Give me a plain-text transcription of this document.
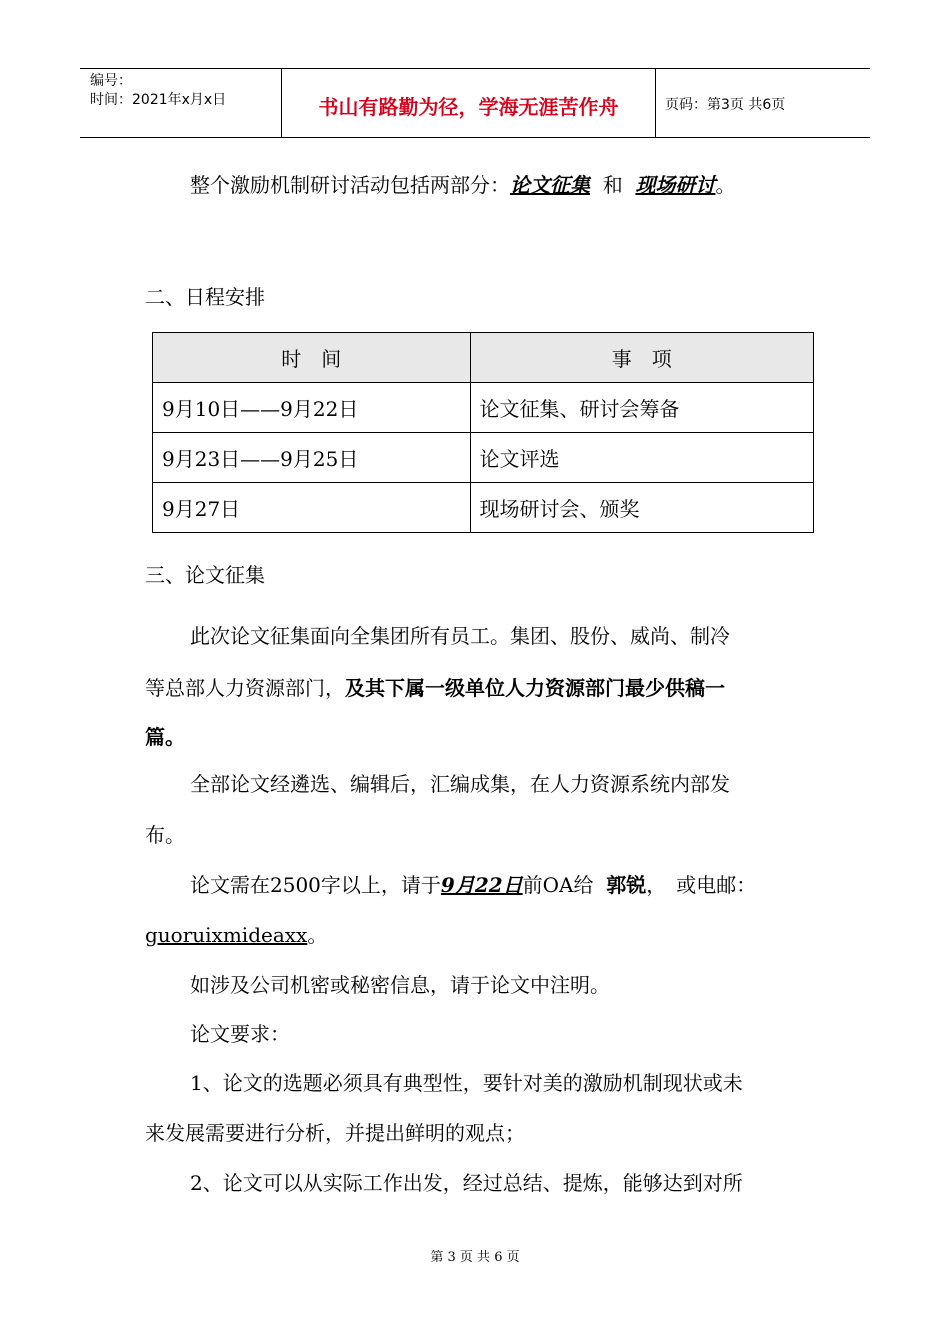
编号：
时间：2021年x月x日	书山有路勤为径，学海无涯苦作舟	页码：第3页 共6页
整个激励机制研讨活动包括两部分：论文征集 和 现场研讨。
二、日程安排
时　间	事　项
9月10日——9月22日	论文征集、研讨会筹备
9月23日——9月25日	论文评选
9月27日	现场研讨会、颁奖
三、论文征集
此次论文征集面向全集团所有员工。集团、股份、威尚、制冷
等总部人力资源部门，及其下属一级单位人力资源部门最少供稿一
篇。
全部论文经遴选、编辑后，汇编成集，在人力资源系统内部发
布。
论文需在2500字以上，请于9月22日前OA给 郭锐，　或电邮：
guoruixmideaxx。
如涉及公司机密或秘密信息，请于论文中注明。
论文要求：
1、论文的选题必须具有典型性，要针对美的激励机制现状或未
来发展需要进行分析，并提出鲜明的观点；
2、论文可以从实际工作出发，经过总结、提炼，能够达到对所
第 3 页 共 6 页
